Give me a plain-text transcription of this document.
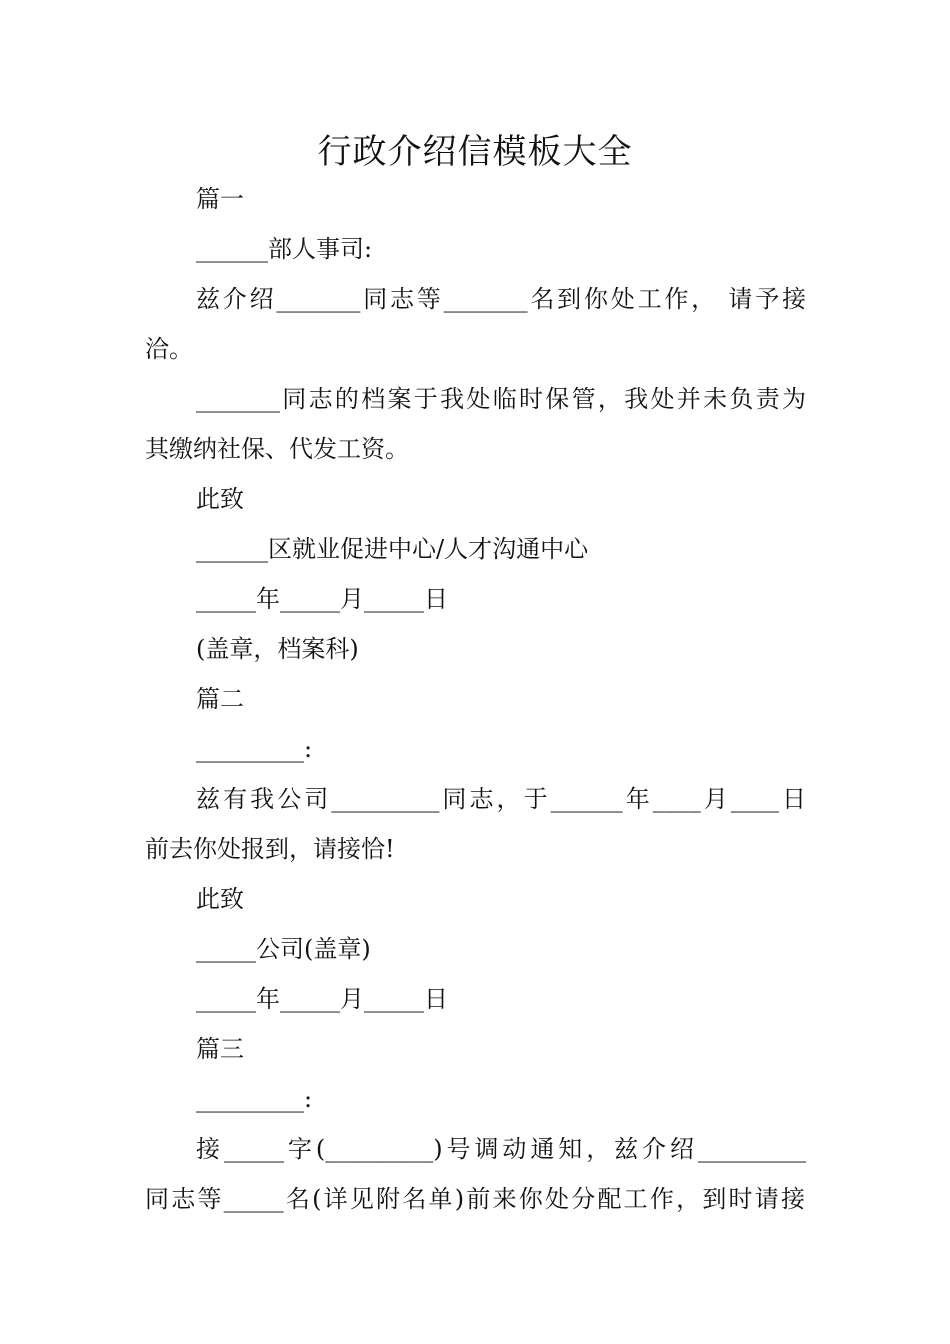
行政介绍信模板大全
篇一
______部人事司:
兹介绍_______同志等_______名到你处工作， 请予接
洽。
_______同志的档案于我处临时保管，我处并未负责为
其缴纳社保、代发工资。
此致
______区就业促进中心/人才沟通中心
_____年_____月_____日
(盖章，档案科)
篇二
_________:
兹有我公司_________同志，于______年____月____日
前去你处报到，请接恰!
此致
_____公司(盖章)
_____年_____月_____日
篇三
_________:
接_____字(_________)号调动通知，兹介绍_________
同志等_____名(详见附名单)前来你处分配工作，到时请接
